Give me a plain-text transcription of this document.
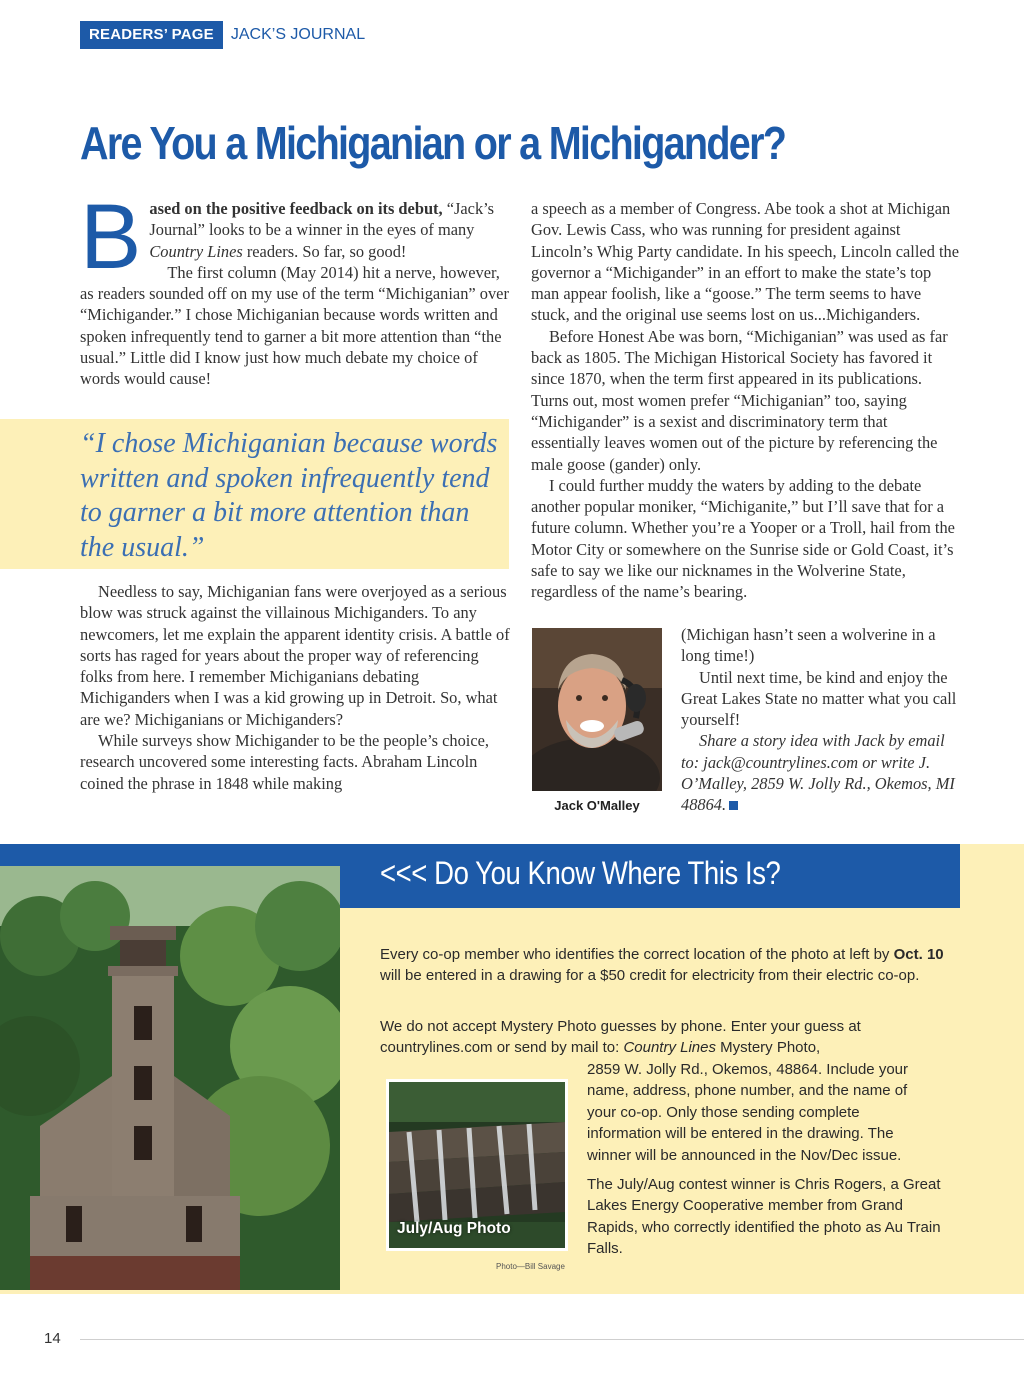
READERS’ PAGE	JACK’S JOURNAL
Are You a Michiganian or a Michigander?

Based on the positive feedback on its debut, “Jack’s Journal” looks to be a winner in the eyes of many Country Lines readers. So far, so good!

The first column (May 2014) hit a nerve, however, as readers sounded off on my use of the term “Michiganian” over “Michigander.” I chose Michiganian because words written and spoken infrequently tend to garner a bit more attention than “the usual.” Little did I know just how much debate my choice of words would cause!

“I chose Michiganian because words written and spoken infrequently tend to garner a bit more attention than the usual.”

Needless to say, Michiganian fans were overjoyed as a serious blow was struck against the villainous Michiganders. To any newcomers, let me explain the apparent identity crisis. A battle of sorts has raged for years about the proper way of referencing folks from here. I remember Michiganians debating Michiganders when I was a kid growing up in Detroit. So, what are we? Michiganians or Michiganders?

While surveys show Michigander to be the people’s choice, research uncovered some interesting facts. Abraham Lincoln coined the phrase in 1848 while making

a speech as a member of Congress. Abe took a shot at Michigan Gov. Lewis Cass, who was running for president against Lincoln’s Whig Party candidate. In his speech, Lincoln called the governor a “Michigander” in an effort to make the state’s top man appear foolish, like a “goose.” The term seems to have stuck, and the original use seems lost on us...Michiganders.

Before Honest Abe was born, “Michiganian” was used as far back as 1805. The Michigan Historical Society has favored it since 1870, when the term first appeared in its publications. Turns out, most women prefer “Michiganian” too, saying “Michigander” is a sexist and discriminatory term that essentially leaves women out of the picture by referencing the male goose (gander) only.

I could further muddy the waters by adding to the debate another popular moniker, “Michiganite,” but I’ll save that for a future column. Whether you’re a Yooper or a Troll, hail from the Motor City or somewhere on the Sunrise side or Gold Coast, it’s safe to say we like our nicknames in the Wolverine State, regardless of the name’s bearing.

(Michigan hasn’t seen a wolverine in a long time!)

Until next time, be kind and enjoy the Great Lakes State no matter what you call yourself!

Share a story idea with Jack by email to: jack@countrylines.com or write J. O’Malley, 2859 W. Jolly Rd., Okemos, MI 48864.

Jack O'Malley
<<< Do You Know Where This Is?
Every co-op member who identifies the correct location of the photo at left by Oct. 10 will be entered in a drawing for a $50 credit for electricity from their electric co-op.
We do not accept Mystery Photo guesses by phone. Enter your guess at countrylines.com or send by mail to: Country Lines Mystery Photo,
2859 W. Jolly Rd., Okemos, 48864. Include your name, address, phone number, and the name of your co-op. Only those sending complete information will be entered in the drawing. The winner will be announced in the Nov/Dec issue.
The July/Aug contest winner is Chris Rogers, a Great Lakes Energy Cooperative member from Grand Rapids, who correctly identified the photo as Au Train Falls.
July/Aug Photo
Photo—Bill Savage
14
